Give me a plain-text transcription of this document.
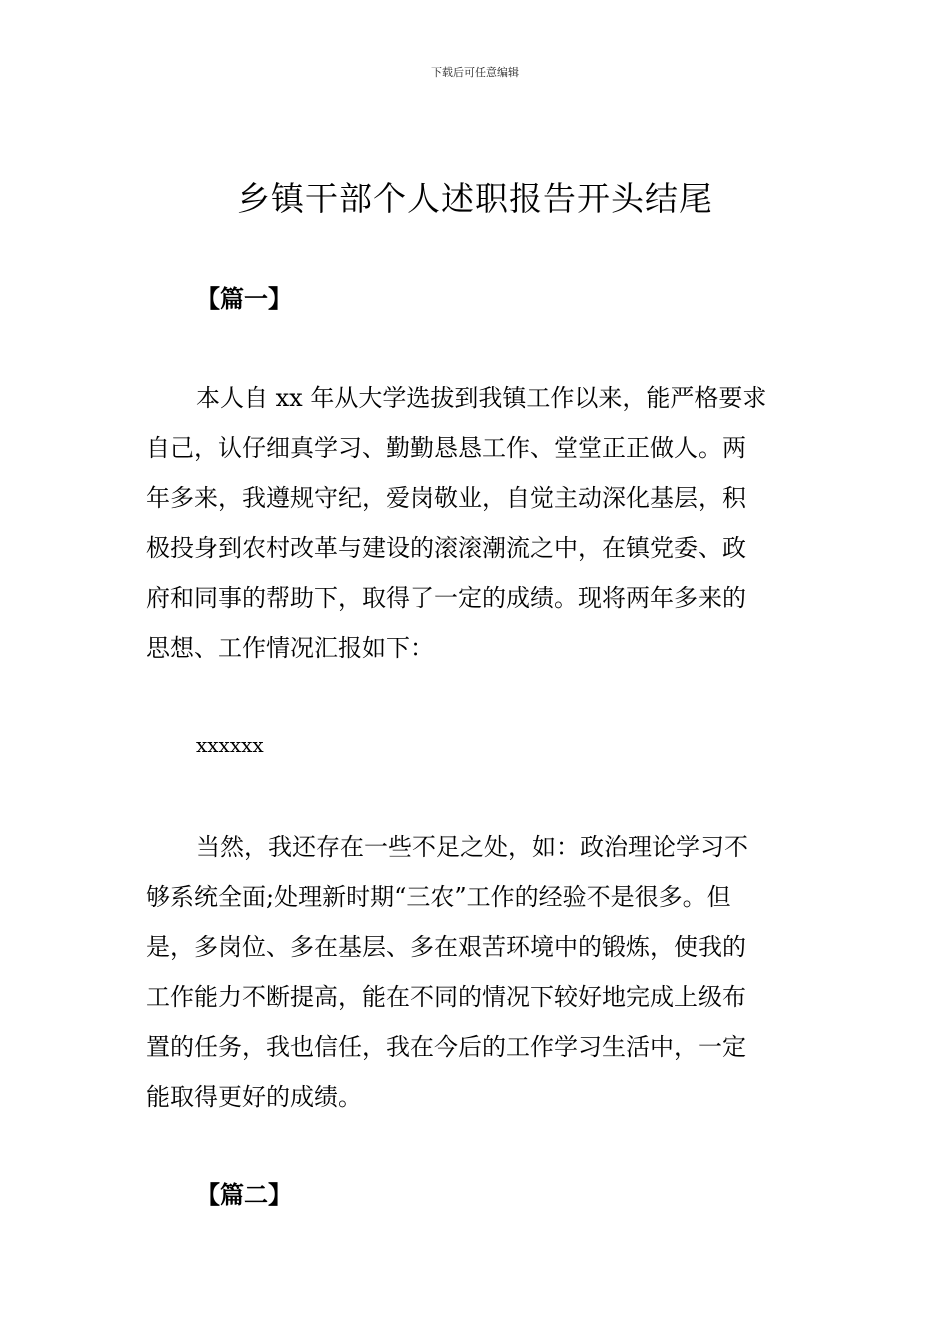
下载后可任意编辑
乡镇干部个人述职报告开头结尾
【篇一】
本人自 xx 年从大学选拔到我镇工作以来，能严格要求
自己，认仔细真学习、勤勤恳恳工作、堂堂正正做人。两
年多来，我遵规守纪，爱岗敬业，自觉主动深化基层，积
极投身到农村改革与建设的滚滚潮流之中，在镇党委、政
府和同事的帮助下，取得了一定的成绩。现将两年多来的
思想、工作情况汇报如下：
xxxxxx
当然，我还存在一些不足之处，如：政治理论学习不
够系统全面;处理新时期“三农”工作的经验不是很多。但
是，多岗位、多在基层、多在艰苦环境中的锻炼，使我的
工作能力不断提高，能在不同的情况下较好地完成上级布
置的任务，我也信任，我在今后的工作学习生活中，一定
能取得更好的成绩。
【篇二】
